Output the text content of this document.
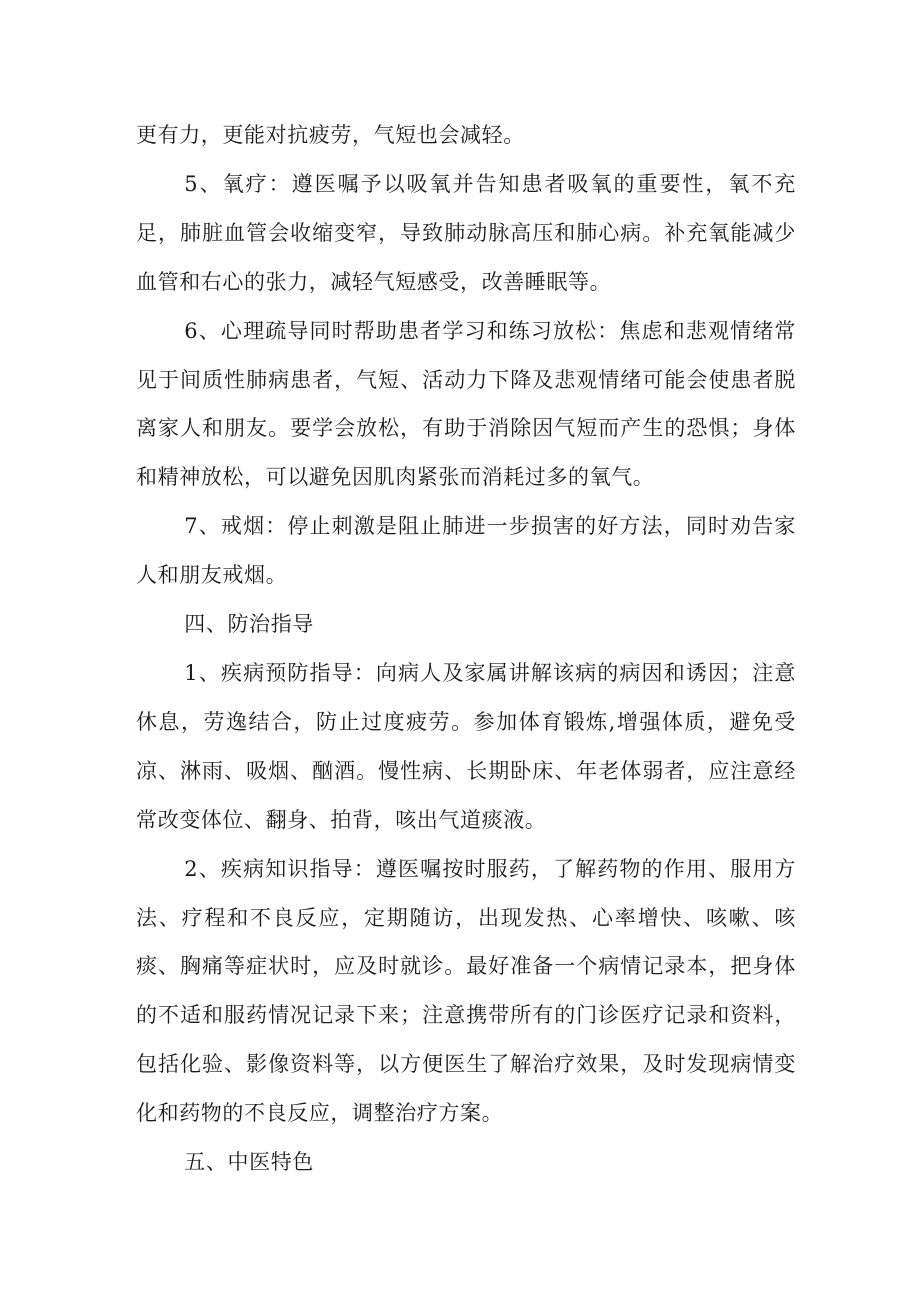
更有力，更能对抗疲劳，气短也会减轻。

5、氧疗：遵医嘱予以吸氧并告知患者吸氧的重要性，氧不充足，肺脏血管会收缩变窄，导致肺动脉高压和肺心病。补充氧能减少血管和右心的张力，减轻气短感受，改善睡眠等。

6、心理疏导同时帮助患者学习和练习放松：焦虑和悲观情绪常见于间质性肺病患者，气短、活动力下降及悲观情绪可能会使患者脱离家人和朋友。要学会放松，有助于消除因气短而产生的恐惧；身体和精神放松，可以避免因肌肉紧张而消耗过多的氧气。

7、戒烟：停止刺激是阻止肺进一步损害的好方法，同时劝告家人和朋友戒烟。

四、防治指导

1、疾病预防指导：向病人及家属讲解该病的病因和诱因；注意休息，劳逸结合，防止过度疲劳。参加体育锻炼,增强体质，避免受凉、淋雨、吸烟、酗酒。慢性病、长期卧床、年老体弱者，应注意经常改变体位、翻身、拍背，咳出气道痰液。

2、疾病知识指导：遵医嘱按时服药，了解药物的作用、服用方法、疗程和不良反应，定期随访，出现发热、心率增快、咳嗽、咳痰、胸痛等症状时，应及时就诊。最好准备一个病情记录本，把身体的不适和服药情况记录下来；注意携带所有的门诊医疗记录和资料，包括化验、影像资料等，以方便医生了解治疗效果，及时发现病情变化和药物的不良反应，调整治疗方案。

五、中医特色
